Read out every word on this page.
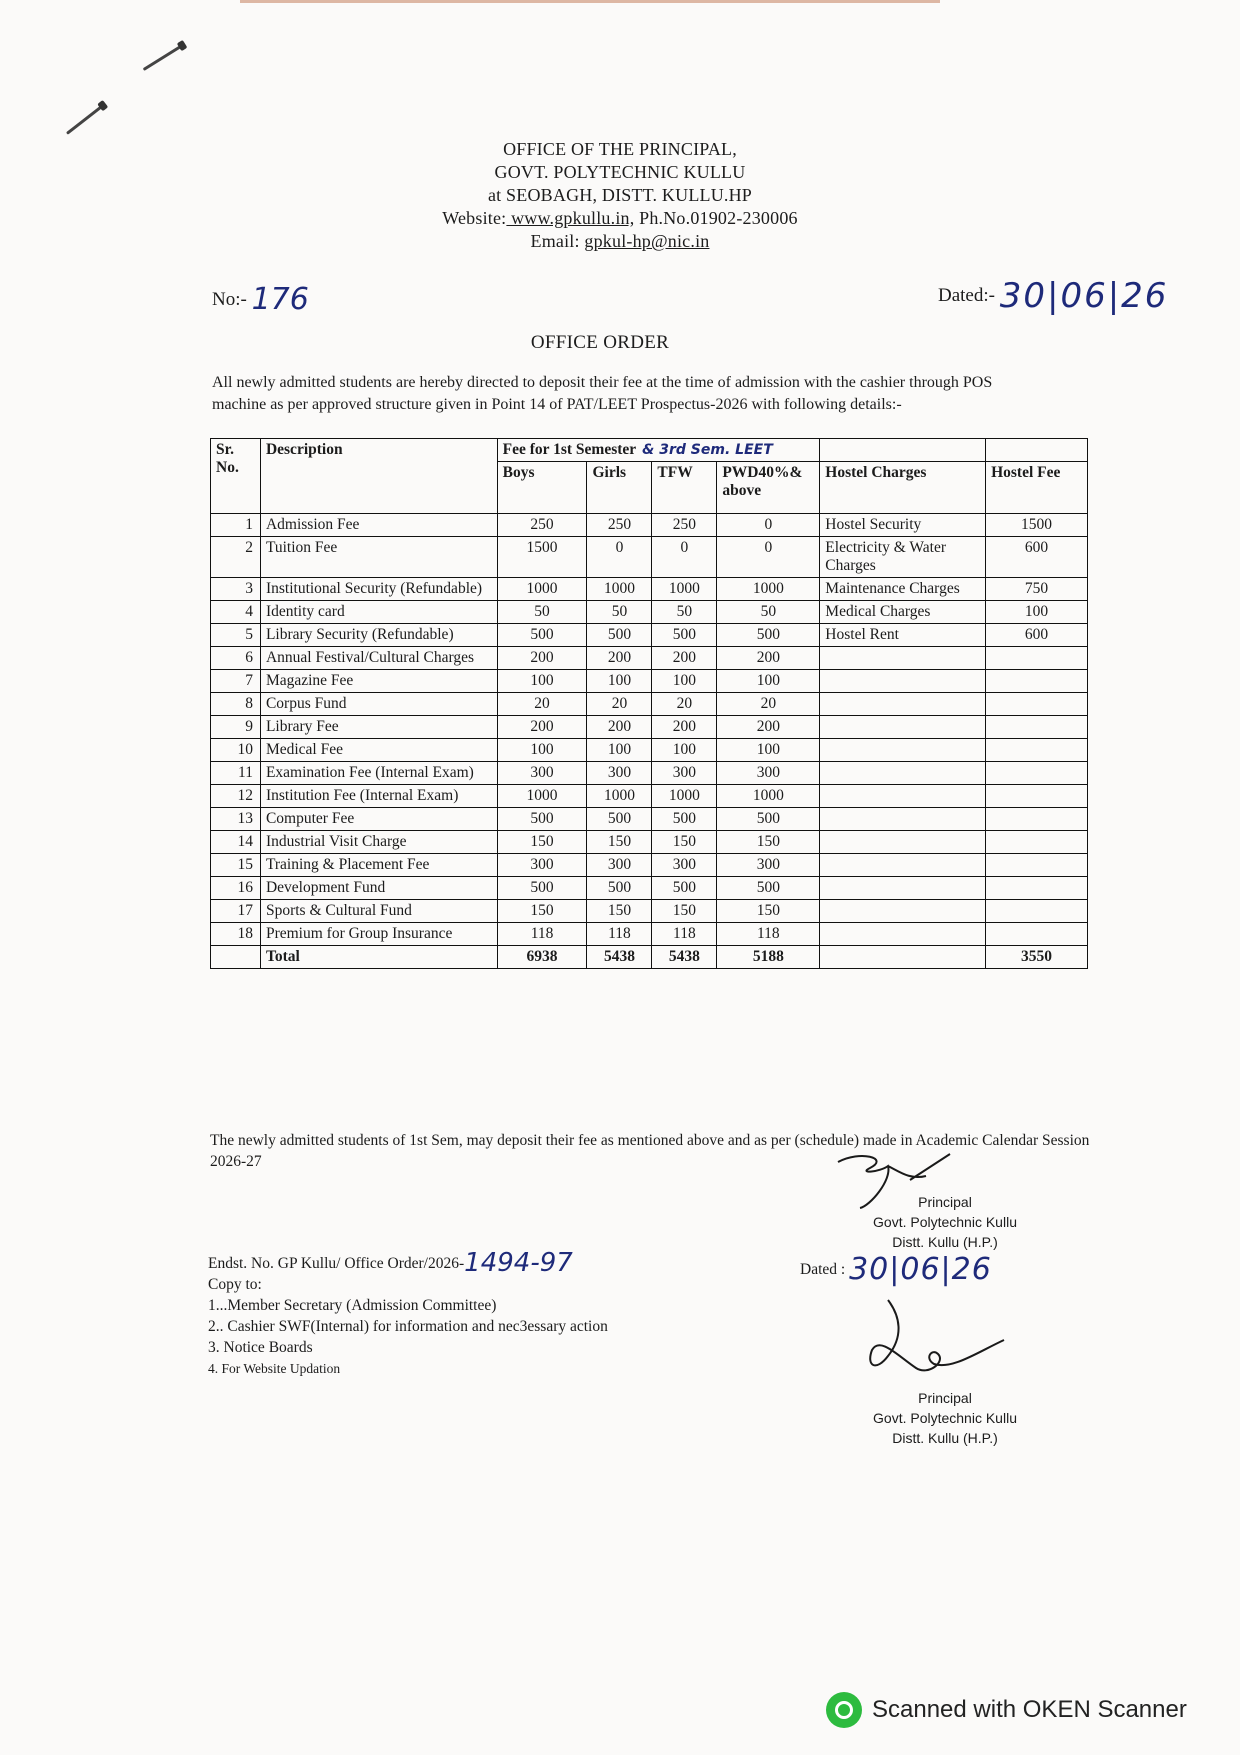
OFFICE OF THE PRINCIPAL,
GOVT. POLYTECHNIC KULLU
at SEOBAGH, DISTT. KULLU.HP
Website: www.gpkullu.in, Ph.No.01902-230006
Email: gpkul-hp@nic.in
No:- 176	Dated:- 30|06|26
OFFICE ORDER
All newly admitted students are hereby directed to deposit their fee at the time of admission with the cashier through POS machine as per approved structure given in Point 14 of PAT/LEET Prospectus-2026 with following details:-
Sr. No.	Description	Fee for 1st Semester & 3rd Sem. LEET					
		Boys	Girls	TFW	PWD40%& above	Hostel Charges	Hostel Fee
1	Admission Fee	250	250	250	0	Hostel Security	1500
2	Tuition Fee	1500	0	0	0	Electricity & Water Charges	600
3	Institutional Security (Refundable)	1000	1000	1000	1000	Maintenance Charges	750
4	Identity card	50	50	50	50	Medical Charges	100
5	Library Security (Refundable)	500	500	500	500	Hostel Rent	600
6	Annual Festival/Cultural Charges	200	200	200	200		
7	Magazine Fee	100	100	100	100		
8	Corpus Fund	20	20	20	20		
9	Library Fee	200	200	200	200		
10	Medical Fee	100	100	100	100		
11	Examination Fee (Internal Exam)	300	300	300	300		
12	Institution Fee (Internal Exam)	1000	1000	1000	1000		
13	Computer Fee	500	500	500	500		
14	Industrial Visit Charge	150	150	150	150		
15	Training & Placement Fee	300	300	300	300		
16	Development Fund	500	500	500	500		
17	Sports & Cultural Fund	150	150	150	150		
18	Premium for Group Insurance	118	118	118	118		
	Total	6938	5438	5438	5188		3550
The newly admitted students of 1st Sem, may deposit their fee as mentioned above and as per (schedule) made in Academic Calendar Session 2026-27
Principal
Govt. Polytechnic Kullu
Distt. Kullu (H.P.)
Endst. No. GP Kullu/ Office Order/2026-1494-97
Copy to:
1...Member Secretary (Admission Committee)
2.. Cashier SWF(Internal) for information and nec3essary action
3. Notice Boards
4. For Website Updation
Dated : 30|06|26
Principal
Govt. Polytechnic Kullu
Distt. Kullu (H.P.)
Scanned with OKEN Scanner
